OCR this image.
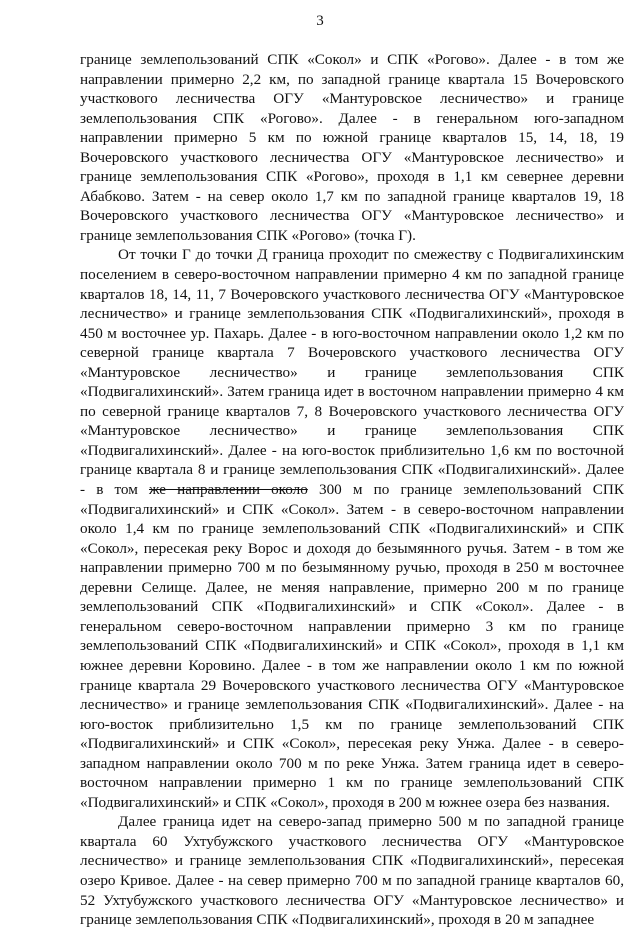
3

границе землепользований СПК «Сокол» и СПК «Рогово». Далее - в том же направлении примерно 2,2 км, по западной границе квартала 15 Вочеровского участкового лесничества ОГУ «Мантуровское лесничество» и границе землепользования СПК «Рогово». Далее - в генеральном юго-западном направлении примерно 5 км по южной границе кварталов 15, 14, 18, 19 Вочеровского участкового лесничества ОГУ «Мантуровское лесничество» и границе землепользования СПК «Рогово», проходя в 1,1 км севернее деревни Абабково. Затем - на север около 1,7 км по западной границе кварталов 19, 18 Вочеровского участкового лесничества ОГУ «Мантуровское лесничество» и границе землепользования СПК «Рогово» (точка Г).

От точки Г до точки Д граница проходит по смежеству с Подвигалихинским поселением в северо-восточном направлении примерно 4 км по западной границе кварталов 18, 14, 11, 7 Вочеровского участкового лесничества ОГУ «Мантуровское лесничество» и границе землепользования СПК «Подвигалихинский», проходя в 450 м восточнее ур. Пахарь. Далее - в юго-восточном направлении около 1,2 км по северной границе квартала 7 Вочеровского участкового лесничества ОГУ «Мантуровское лесничество» и границе землепользования СПК «Подвигалихинский». Затем граница идет в восточном направлении примерно 4 км по северной границе кварталов 7, 8 Вочеровского участкового лесничества ОГУ «Мантуровское лесничество» и границе землепользования СПК «Подвигалихинский». Далее - на юго-восток приблизительно 1,6 км по восточной границе квартала 8 и границе землепользования СПК «Подвигалихинский». Далее - в том же направлении около 300 м по границе землепользований СПК «Подвигалихинский» и СПК «Сокол». Затем - в северо-восточном направлении около 1,4 км по границе землепользований СПК «Подвигалихинский» и СПК «Сокол», пересекая реку Ворос и доходя до безымянного ручья. Затем - в том же направлении примерно 700 м по безымянному ручью, проходя в 250 м восточнее деревни Селище. Далее, не меняя направление, примерно 200 м по границе землепользований СПК «Подвигалихинский» и СПК «Сокол». Далее - в генеральном северо-восточном направлении примерно 3 км по границе землепользований СПК «Подвигалихинский» и СПК «Сокол», проходя в 1,1 км южнее деревни Коровино. Далее - в том же направлении около 1 км по южной границе квартала 29 Вочеровского участкового лесничества ОГУ «Мантуровское лесничество» и границе землепользования СПК «Подвигалихинский». Далее - на юго-восток приблизительно 1,5 км по границе землепользований СПК «Подвигалихинский» и СПК «Сокол», пересекая реку Унжа. Далее - в северо-западном направлении около 700 м по реке Унжа. Затем граница идет в северо-восточном направлении примерно 1 км по границе землепользований СПК «Подвигалихинский» и СПК «Сокол», проходя в 200 м южнее озера без названия.

Далее граница идет на северо-запад примерно 500 м по западной границе квартала 60 Ухтубужского участкового лесничества ОГУ «Мантуровское лесничество» и границе землепользования СПК «Подвигалихинский», пересекая озеро Кривое. Далее - на север примерно 700 м по западной границе кварталов 60, 52 Ухтубужского участкового лесничества ОГУ «Мантуровское лесничество» и границе землепользования СПК «Подвигалихинский», проходя в 20 м западнее
